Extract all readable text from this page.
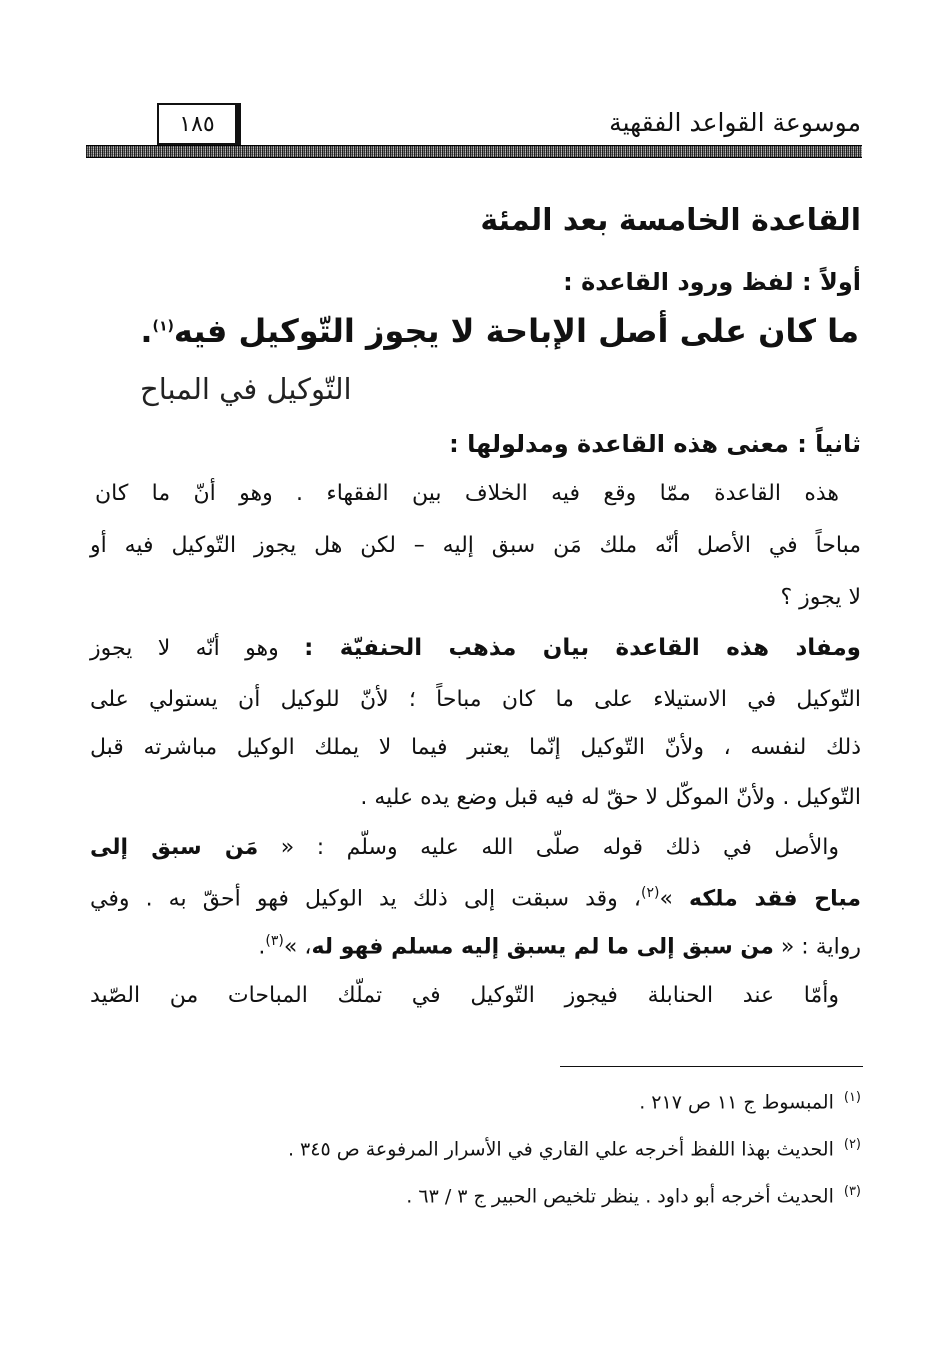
موسوعة القواعد الفقهية
١٨٥
القاعدة الخامسة بعد المئة
أولاً : لفظ ورود القاعدة :
ما كان على أصل الإباحة لا يجوز التّوكيل فيه$^{(١)}$.
التّوكيل في المباح
ثانياً : معنى هذه القاعدة ومدلولها :
هذه القاعدة ممّا وقع فيه الخلاف بين الفقهاء . وهو أنّ ما كان
مباحاً في الأصل أنّه ملك مَن سبق إليه – لكن هل يجوز التّوكيل فيه أو
لا يجوز ؟
ومفاد هذه القاعدة بيان مذهب الحنفيّة : وهو أنّه لا يجوز
التّوكيل في الاستيلاء على ما كان مباحاً ؛ لأنّ للوكيل أن يستولي على
ذلك لنفسه ، ولأنّ التّوكيل إنّما يعتبر فيما لا يملك الوكيل مباشرته قبل
التّوكيل . ولأنّ الموكّل لا حقّ له فيه قبل وضع يده عليه .
والأصل في ذلك قوله صلّى الله عليه وسلّم : « مَن سبق إلى
مباح فقد ملكه »$^{(٢)}$، وقد سبقت إلى ذلك يد الوكيل فهو أحقّ به . وفي
رواية : « من سبق إلى ما لم يسبق إليه مسلم فهو له، »$^{(٣)}$.
وأمّا عند الحنابلة فيجوز التّوكيل في تملّك المباحات من الصّيد
$^{(١)}$المبسوط ج ١١ ص ٢١٧ .
$^{(٢)}$الحديث بهذا اللفظ أخرجه علي القاري في الأسرار المرفوعة ص ٣٤٥ .
$^{(٣)}$الحديث أخرجه أبو داود . ينظر تلخيص الحبير ج ٣ / ٦٣ .
